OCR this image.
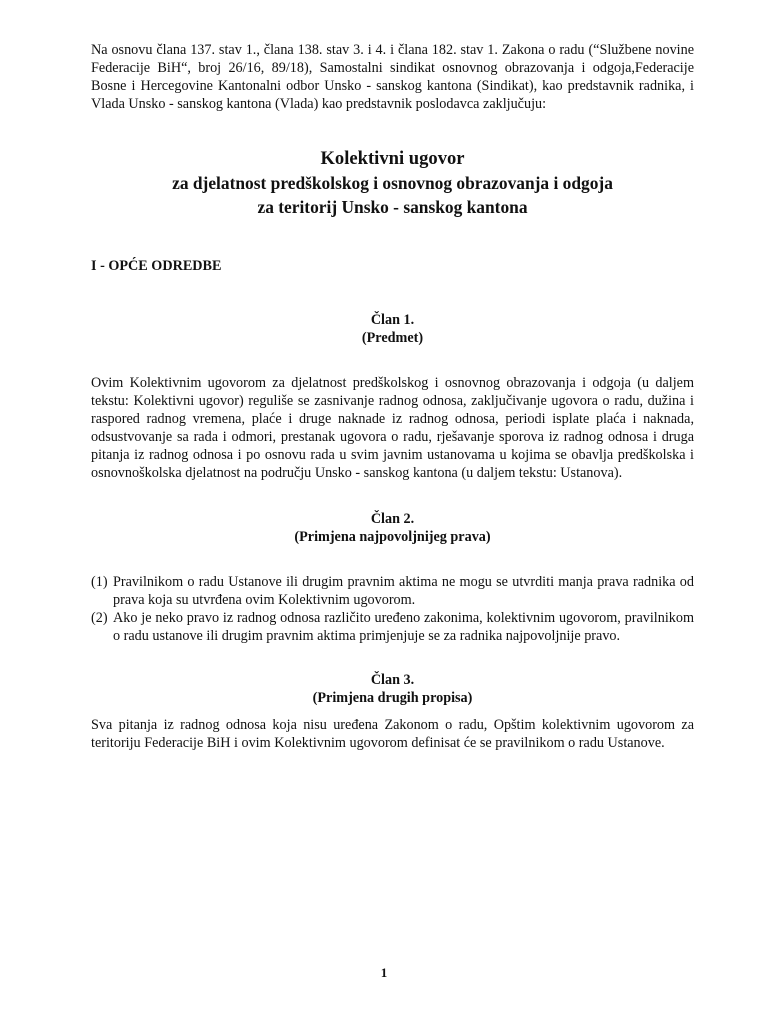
Na osnovu člana 137. stav 1., člana 138. stav 3. i 4. i člana 182. stav 1. Zakona o radu (“Službene novine Federacije BiH“, broj 26/16, 89/18), Samostalni sindikat osnovnog obrazovanja i odgoja,Federacije Bosne i Hercegovine Kantonalni odbor Unsko - sanskog kantona (Sindikat), kao predstavnik radnika, i Vlada Unsko - sanskog kantona (Vlada) kao predstavnik poslodavca zaključuju:

Kolektivni ugovor
za djelatnost predškolskog i osnovnog obrazovanja i odgoja
za teritorij Unsko - sanskog kantona
I - OPĆE ODREDBE
Član 1.
(Predmet)

Ovim Kolektivnim ugovorom za djelatnost predškolskog i osnovnog obrazovanja i odgoja (u daljem tekstu: Kolektivni ugovor) reguliše se zasnivanje radnog odnosa, zaključivanje ugovora o radu, dužina i raspored radnog vremena, plaće i druge naknade iz radnog odnosa, periodi isplate plaća i naknada, odsustvovanje sa rada i odmori, prestanak ugovora o radu, rješavanje sporova iz radnog odnosa i druga pitanja iz radnog odnosa i po osnovu rada u svim javnim ustanovama u kojima se obavlja predškolska i osnovnoškolska djelatnost na području Unsko - sanskog kantona (u daljem tekstu: Ustanova).

Član 2.
(Primjena najpovoljnijeg prava)
(1) Pravilnikom o radu Ustanove ili drugim pravnim aktima ne mogu se utvrditi manja prava radnika od prava koja su utvrđena ovim Kolektivnim ugovorom.
(2) Ako je neko pravo iz radnog odnosa različito uređeno zakonima, kolektivnim ugovorom, pravilnikom o radu ustanove ili drugim pravnim aktima primjenjuje se za radnika najpovoljnije pravo.
Član 3.
(Primjena drugih propisa)

Sva pitanja iz radnog odnosa koja nisu uređena Zakonom o radu, Opštim kolektivnim ugovorom za teritoriju Federacije BiH i ovim Kolektivnim ugovorom definisat će se pravilnikom o radu Ustanove.

1
